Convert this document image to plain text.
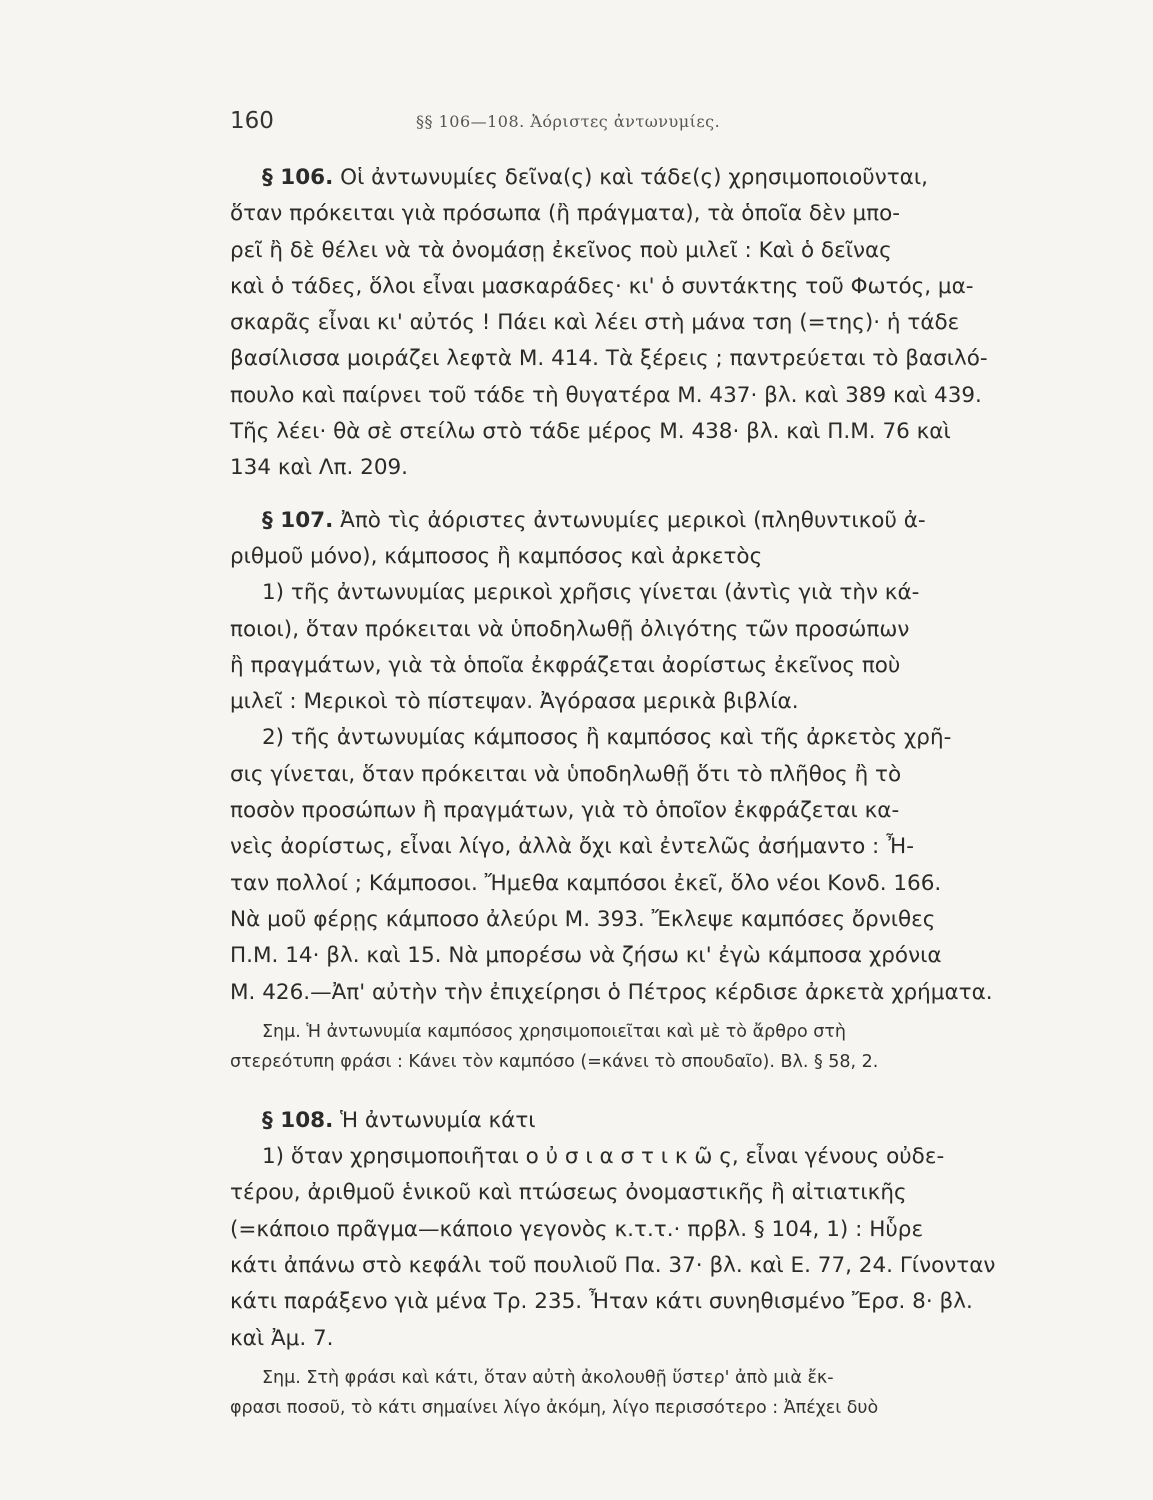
160	§§ 106—108. Ἀόριστες ἀντωνυμίες.
§ 106. Οἱ ἀντωνυμίες δεῖνα(ς) καὶ τάδε(ς) χρησιμοποιοῦνται,
ὅταν πρόκειται γιὰ πρόσωπα (ἢ πράγματα), τὰ ὁποῖα δὲν μπο-
ρεῖ ἢ δὲ θέλει νὰ τὰ ὀνομάσῃ ἐκεῖνος ποὺ μιλεῖ : Καὶ ὁ δεῖνας
καὶ ὁ τάδες, ὅλοι εἶναι μασκαράδες· κι' ὁ συντάκτης τοῦ Φωτός, μα-
σκαρᾶς εἶναι κι' αὐτός ! Πάει καὶ λέει στὴ μάνα τση (=της)· ἡ τάδε
βασίλισσα μοιράζει λεφτὰ Μ. 414. Τὰ ξέρεις ; παντρεύεται τὸ βασιλό-
πουλο καὶ παίρνει τοῦ τάδε τὴ θυγατέρα Μ. 437· βλ. καὶ 389 καὶ 439.
Τῆς λέει· θὰ σὲ στείλω στὸ τάδε μέρος Μ. 438· βλ. καὶ Π.Μ. 76 καὶ
134 καὶ Λπ. 209.
§ 107. Ἀπὸ τὶς ἀόριστες ἀντωνυμίες μερικοὶ (πληθυντικοῦ ἀ-
ριθμοῦ μόνο), κάμποσος ἢ καμπόσος καὶ ἀρκετὸς
1) τῆς ἀντωνυμίας μερικοὶ χρῆσις γίνεται (ἀντὶς γιὰ τὴν κά-
ποιοι), ὅταν πρόκειται νὰ ὑποδηλωθῇ ὀλιγότης τῶν προσώπων
ἢ πραγμάτων, γιὰ τὰ ὁποῖα ἐκφράζεται ἀορίστως ἐκεῖνος ποὺ
μιλεῖ : Μερικοὶ τὸ πίστεψαν. Ἀγόρασα μερικὰ βιβλία.
2) τῆς ἀντωνυμίας κάμποσος ἢ καμπόσος καὶ τῆς ἀρκετὸς χρῆ-
σις γίνεται, ὅταν πρόκειται νὰ ὑποδηλωθῇ ὅτι τὸ πλῆθος ἢ τὸ
ποσὸν προσώπων ἢ πραγμάτων, γιὰ τὸ ὁποῖον ἐκφράζεται κα-
νεὶς ἀορίστως, εἶναι λίγο, ἀλλὰ ὄχι καὶ ἐντελῶς ἀσήμαντο : Ἦ-
ταν πολλοί ; Κάμποσοι. Ἤμεθα καμπόσοι ἐκεῖ, ὅλο νέοι Κονδ. 166.
Νὰ μοῦ φέρῃς κάμποσο ἀλεύρι Μ. 393. Ἔκλεψε καμπόσες ὄρνιθες
Π.Μ. 14· βλ. καὶ 15. Νὰ μπορέσω νὰ ζήσω κι' ἐγὼ κάμποσα χρόνια
Μ. 426.—Ἀπ' αὐτὴν τὴν ἐπιχείρησι ὁ Πέτρος κέρδισε ἀρκετὰ χρήματα.
Σημ. Ἡ ἀντωνυμία καμπόσος χρησιμοποιεῖται καὶ μὲ τὸ ἄρθρο στὴ
στερεότυπη φράσι : Κάνει τὸν καμπόσο (=κάνει τὸ σπουδαῖο). Βλ. § 58, 2.
§ 108. Ἡ ἀντωνυμία κάτι
1) ὅταν χρησιμοποιῆται ο ὐ σ ι α σ τ ι κ ῶ ς, εἶναι γένους οὐδε-
τέρου, ἀριθμοῦ ἑνικοῦ καὶ πτώσεως ὀνομαστικῆς ἢ αἰτιατικῆς
(=κάποιο πρᾶγμα—κάποιο γεγονὸς κ.τ.τ.· πρβλ. § 104, 1) : Ηὗρε
κάτι ἀπάνω στὸ κεφάλι τοῦ πουλιοῦ Πα. 37· βλ. καὶ Ε. 77, 24. Γίνονταν
κάτι παράξενο γιὰ μένα Τρ. 235. Ἦταν κάτι συνηθισμένο Ἔρσ. 8· βλ.
καὶ Ἀμ. 7.
Σημ. Στὴ φράσι καὶ κάτι, ὅταν αὐτὴ ἀκολουθῇ ὕστερ' ἀπὸ μιὰ ἔκ-
φρασι ποσοῦ, τὸ κάτι σημαίνει λίγο ἀκόμη, λίγο περισσότερο : Ἀπέχει δυὸ
